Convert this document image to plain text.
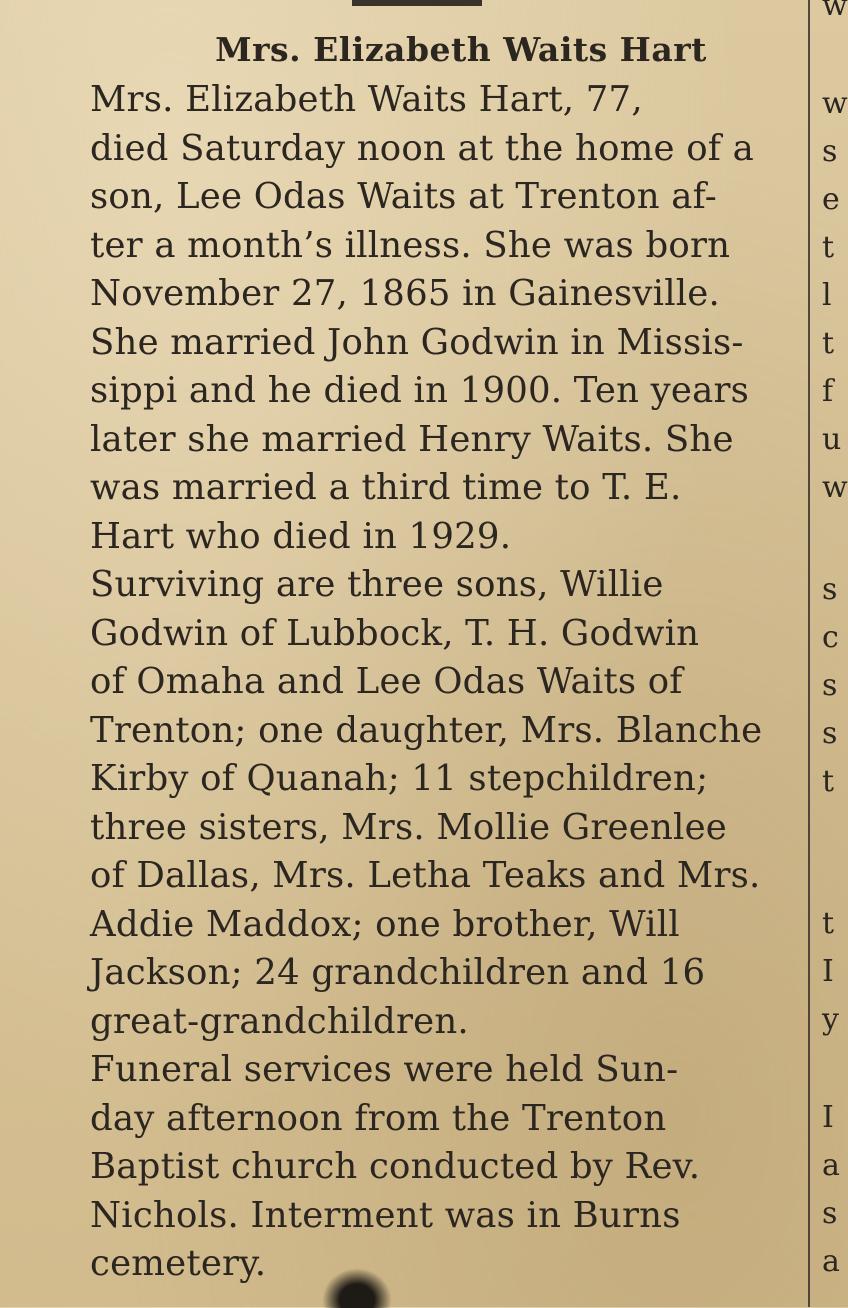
Mrs. Elizabeth Waits Hart

Mrs. Elizabeth Waits Hart, 77,
died Saturday noon at the home of a
son, Lee Odas Waits at Trenton af-
ter a month’s illness. She was born
November 27, 1865 in Gainesville.
She married John Godwin in Missis-
sippi and he died in 1900. Ten years
later she married Henry Waits. She
was married a third time to T. E.
Hart who died in 1929.

Surviving are three sons, Willie
Godwin of Lubbock, T. H. Godwin
of Omaha and Lee Odas Waits of
Trenton; one daughter, Mrs. Blanche
Kirby of Quanah; 11 stepchildren;
three sisters, Mrs. Mollie Greenlee
of Dallas, Mrs. Letha Teaks and Mrs.
Addie Maddox; one brother, Will
Jackson; 24 grandchildren and 16
great-grandchildren.

Funeral services were held Sun-
day afternoon from the Trenton
Baptist church conducted by Rev.
Nichols. Interment was in Burns
cemetery.

w
w
s
e
t
l
t
f
u
w
s
c
s
s
t
t
I
y
I
a
s
a
